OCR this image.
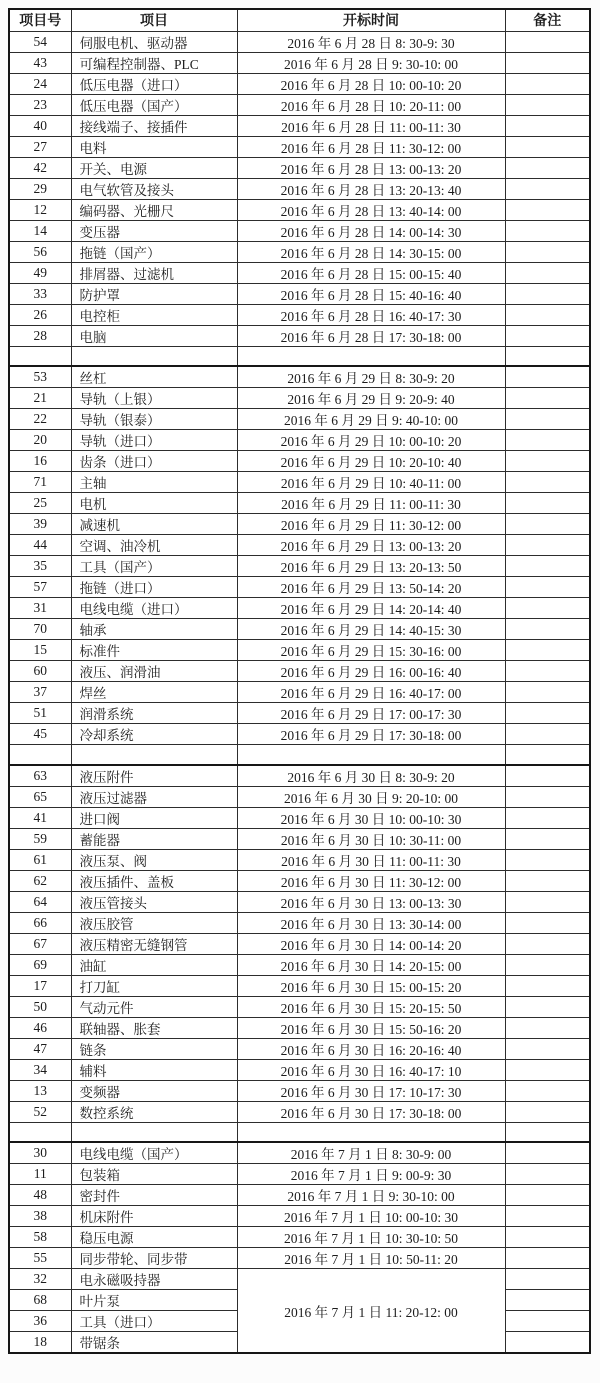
项目号	项目	开标时间	备注
54	伺服电机、驱动器	2016 年 6 月 28 日 8: 30-9: 30	
43	可编程控制器、PLC	2016 年 6 月 28 日 9: 30-10: 00	
24	低压电器（进口）	2016 年 6 月 28 日 10: 00-10: 20	
23	低压电器（国产）	2016 年 6 月 28 日 10: 20-11: 00	
40	接线端子、接插件	2016 年 6 月 28 日 11: 00-11: 30	
27	电料	2016 年 6 月 28 日 11: 30-12: 00	
42	开关、电源	2016 年 6 月 28 日 13: 00-13: 20	
29	电气软管及接头	2016 年 6 月 28 日 13: 20-13: 40	
12	编码器、光栅尺	2016 年 6 月 28 日 13: 40-14: 00	
14	变压器	2016 年 6 月 28 日 14: 00-14: 30	
56	拖链（国产）	2016 年 6 月 28 日 14: 30-15: 00	
49	排屑器、过滤机	2016 年 6 月 28 日 15: 00-15: 40	
33	防护罩	2016 年 6 月 28 日 15: 40-16: 40	
26	电控柜	2016 年 6 月 28 日 16: 40-17: 30	
28	电脑	2016 年 6 月 28 日 17: 30-18: 00	

53	丝杠	2016 年 6 月 29 日 8: 30-9: 20	
21	导轨（上银）	2016 年 6 月 29 日 9: 20-9: 40	
22	导轨（银泰）	2016 年 6 月 29 日 9: 40-10: 00	
20	导轨（进口）	2016 年 6 月 29 日 10: 00-10: 20	
16	齿条（进口）	2016 年 6 月 29 日 10: 20-10: 40	
71	主轴	2016 年 6 月 29 日 10: 40-11: 00	
25	电机	2016 年 6 月 29 日 11: 00-11: 30	
39	减速机	2016 年 6 月 29 日 11: 30-12: 00	
44	空调、油冷机	2016 年 6 月 29 日 13: 00-13: 20	
35	工具（国产）	2016 年 6 月 29 日 13: 20-13: 50	
57	拖链（进口）	2016 年 6 月 29 日 13: 50-14: 20	
31	电线电缆（进口）	2016 年 6 月 29 日 14: 20-14: 40	
70	轴承	2016 年 6 月 29 日 14: 40-15: 30	
15	标准件	2016 年 6 月 29 日 15: 30-16: 00	
60	液压、润滑油	2016 年 6 月 29 日 16: 00-16: 40	
37	焊丝	2016 年 6 月 29 日 16: 40-17: 00	
51	润滑系统	2016 年 6 月 29 日 17: 00-17: 30	
45	冷却系统	2016 年 6 月 29 日 17: 30-18: 00	

63	液压附件	2016 年 6 月 30 日 8: 30-9: 20	
65	液压过滤器	2016 年 6 月 30 日 9: 20-10: 00	
41	进口阀	2016 年 6 月 30 日 10: 00-10: 30	
59	蓄能器	2016 年 6 月 30 日 10: 30-11: 00	
61	液压泵、阀	2016 年 6 月 30 日 11: 00-11: 30	
62	液压插件、盖板	2016 年 6 月 30 日 11: 30-12: 00	
64	液压管接头	2016 年 6 月 30 日 13: 00-13: 30	
66	液压胶管	2016 年 6 月 30 日 13: 30-14: 00	
67	液压精密无缝钢管	2016 年 6 月 30 日 14: 00-14: 20	
69	油缸	2016 年 6 月 30 日 14: 20-15: 00	
17	打刀缸	2016 年 6 月 30 日 15: 00-15: 20	
50	气动元件	2016 年 6 月 30 日 15: 20-15: 50	
46	联轴器、胀套	2016 年 6 月 30 日 15: 50-16: 20	
47	链条	2016 年 6 月 30 日 16: 20-16: 40	
34	辅料	2016 年 6 月 30 日 16: 40-17: 10	
13	变频器	2016 年 6 月 30 日 17: 10-17: 30	
52	数控系统	2016 年 6 月 30 日 17: 30-18: 00	

30	电线电缆（国产）	2016 年 7 月 1 日 8: 30-9: 00	
11	包装箱	2016 年 7 月 1 日 9: 00-9: 30	
48	密封件	2016 年 7 月 1 日 9: 30-10: 00	
38	机床附件	2016 年 7 月 1 日 10: 00-10: 30	
58	稳压电源	2016 年 7 月 1 日 10: 30-10: 50	
55	同步带轮、同步带	2016 年 7 月 1 日 10: 50-11: 20	
32	电永磁吸持器	2016 年 7 月 1 日 11: 20-12: 00	
68	叶片泵		
36	工具（进口）		
18	带锯条		
